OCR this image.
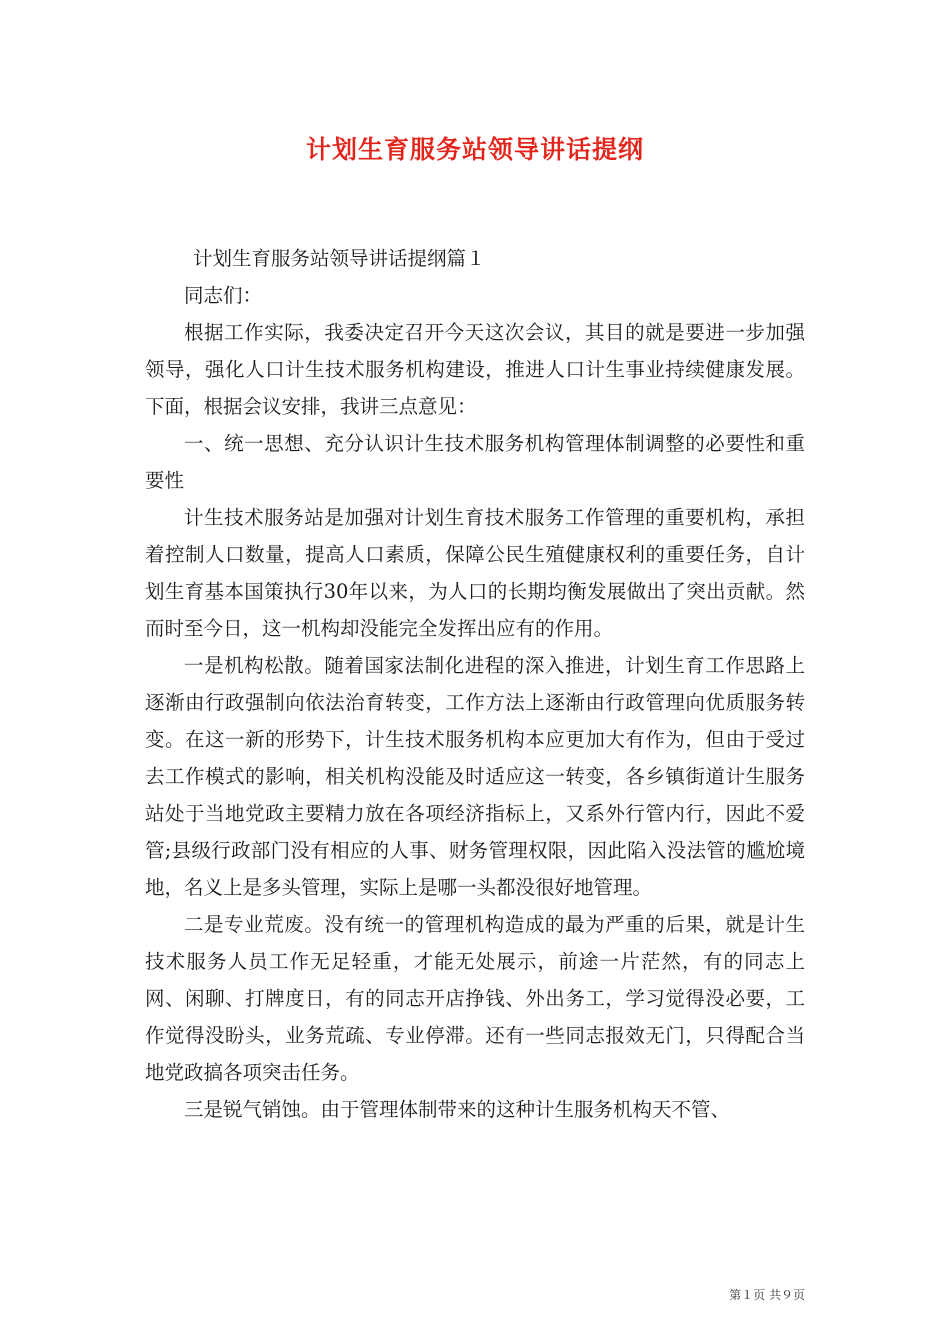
计划生育服务站领导讲话提纲

计划生育服务站领导讲话提纲篇１

同志们：

根据工作实际，我委决定召开今天这次会议，其目的就是要进一步加强领导，强化人口计生技术服务机构建设，推进人口计生事业持续健康发展。下面，根据会议安排，我讲三点意见：

一、统一思想、充分认识计生技术服务机构管理体制调整的必要性和重要性

计生技术服务站是加强对计划生育技术服务工作管理的重要机构，承担着控制人口数量，提高人口素质，保障公民生殖健康权利的重要任务，自计划生育基本国策执行30年以来，为人口的长期均衡发展做出了突出贡献。然而时至今日，这一机构却没能完全发挥出应有的作用。

一是机构松散。随着国家法制化进程的深入推进，计划生育工作思路上逐渐由行政强制向依法治育转变，工作方法上逐渐由行政管理向优质服务转变。在这一新的形势下，计生技术服务机构本应更加大有作为，但由于受过去工作模式的影响，相关机构没能及时适应这一转变，各乡镇街道计生服务站处于当地党政主要精力放在各项经济指标上，又系外行管内行，因此不爱管;县级行政部门没有相应的人事、财务管理权限，因此陷入没法管的尴尬境地，名义上是多头管理，实际上是哪一头都没很好地管理。

二是专业荒废。没有统一的管理机构造成的最为严重的后果，就是计生技术服务人员工作无足轻重，才能无处展示，前途一片茫然，有的同志上网、闲聊、打牌度日，有的同志开店挣钱、外出务工，学习觉得没必要，工作觉得没盼头，业务荒疏、专业停滞。还有一些同志报效无门，只得配合当地党政搞各项突击任务。

三是锐气销蚀。由于管理体制带来的这种计生服务机构天不管、

第１页 共９页
